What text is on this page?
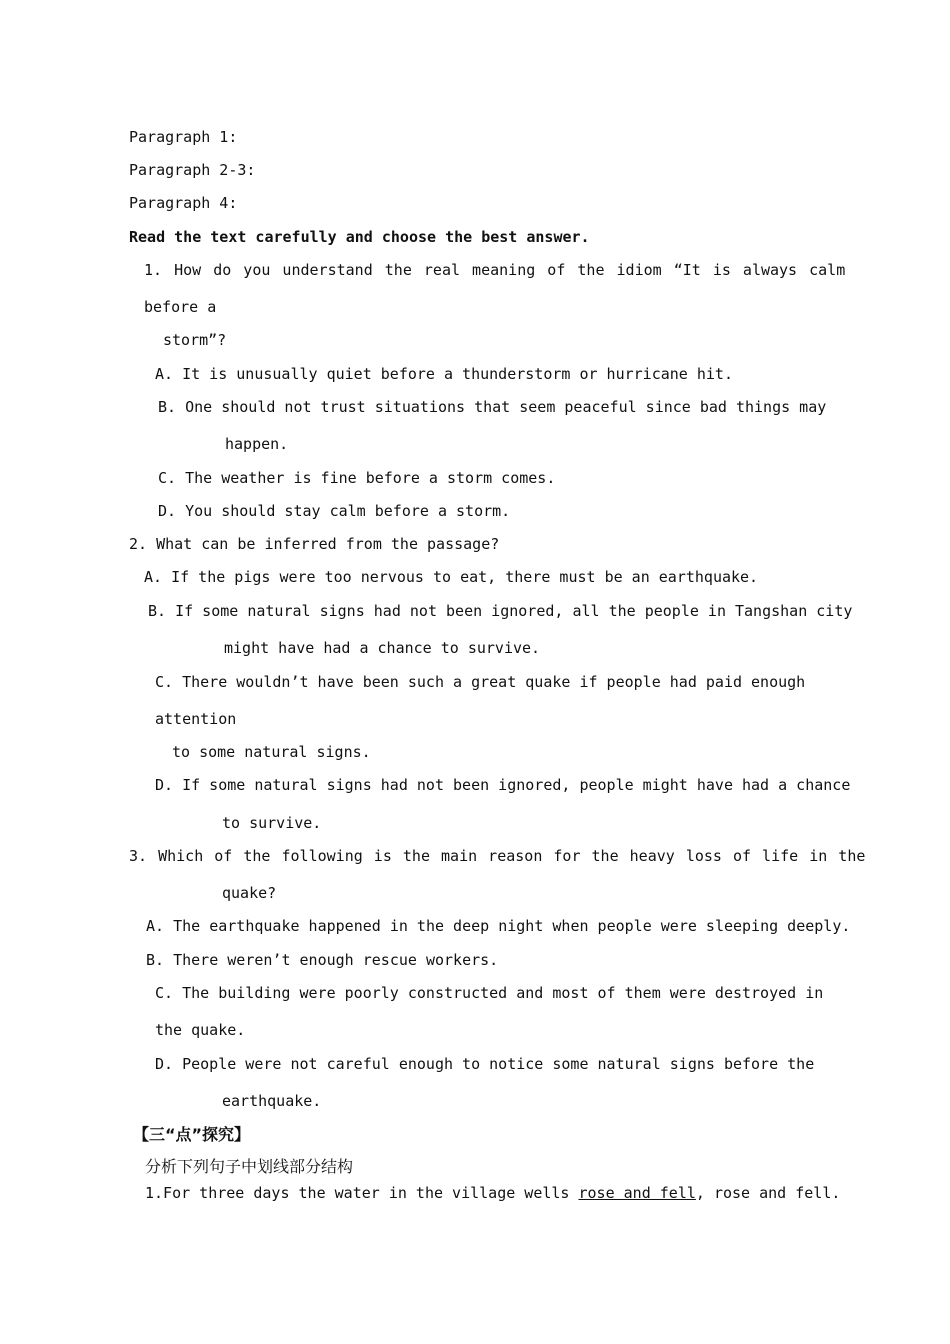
Paragraph 1:
Paragraph 2-3:
Paragraph 4:
Read the text carefully and choose the best answer.
1. How do you understand the real meaning of the idiom “It is always calm
before a
storm”?
A. It is unusually quiet before a thunderstorm or hurricane hit.
B. One should not trust situations that seem peaceful since bad things may
happen.
C. The weather is fine before a storm comes.
D. You should stay calm before a storm.
2. What can be inferred from the passage?
A. If the pigs were too nervous to eat, there must be an earthquake.
B. If some natural signs had not been ignored, all the people in Tangshan city
might have had a chance to survive.
C. There wouldn’t have been such a great quake if people had paid enough
attention
to some natural signs.
D. If some natural signs had not been ignored, people might have had a chance
to survive.
3. Which of the following is the main reason for the heavy loss of life in the
quake?
A. The earthquake happened in the deep night when people were sleeping deeply.
B. There weren’t enough rescue workers.
C. The building were poorly constructed and most of them were destroyed in
the quake.
D. People were not careful enough to notice some natural signs before the
earthquake.
【三“点”探究】
分析下列句子中划线部分结构
1.For three days the water in the village wells rose and fell, rose and fell.
